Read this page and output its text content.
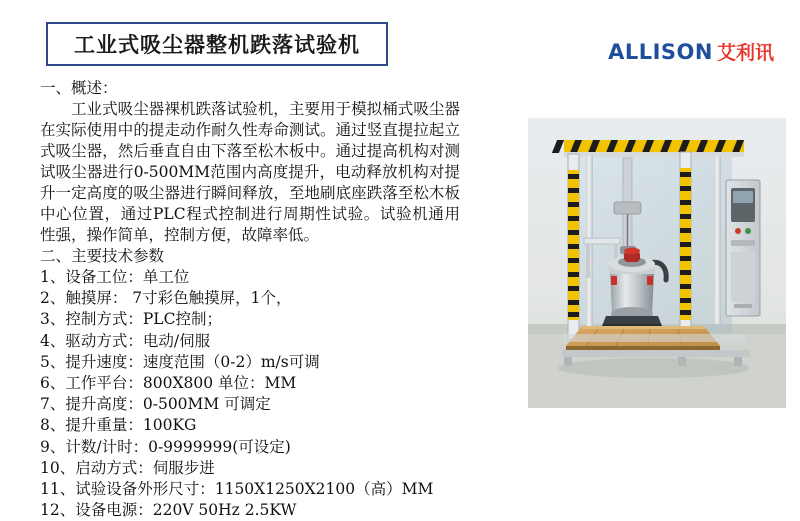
工业式吸尘器整机跌落试验机	ALLISON 艾利讯

一、概述：

工业式吸尘器裸机跌落试验机，主要用于模拟桶式吸尘器在实际使用中的提走动作耐久性寿命测试。通过竖直提拉起立式吸尘器，然后垂直自由下落至松木板中。通过提高机构对测试吸尘器进行0-500MM范围内高度提升，电动释放机构对提升一定高度的吸尘器进行瞬间释放，至地刷底座跌落至松木板中心位置，通过PLC程式控制进行周期性试验。试验机通用性强，操作简单，控制方便，故障率低。

二、主要技术参数

1、设备工位：单工位
2、触摸屏： 7寸彩色触摸屏，1个，
3、控制方式：PLC控制；
4、驱动方式：电动/伺服
5、提升速度：速度范围（0-2）m/s可调
6、工作平台：800X800 单位：MM
7、提升高度：0-500MM 可调定
8、提升重量：100KG
9、计数/计时：0-9999999(可设定)
10、启动方式：伺服步进
11、试验设备外形尺寸：1150X1250X2100（高）MM
12、设备电源：220V 50Hz 2.5KW
